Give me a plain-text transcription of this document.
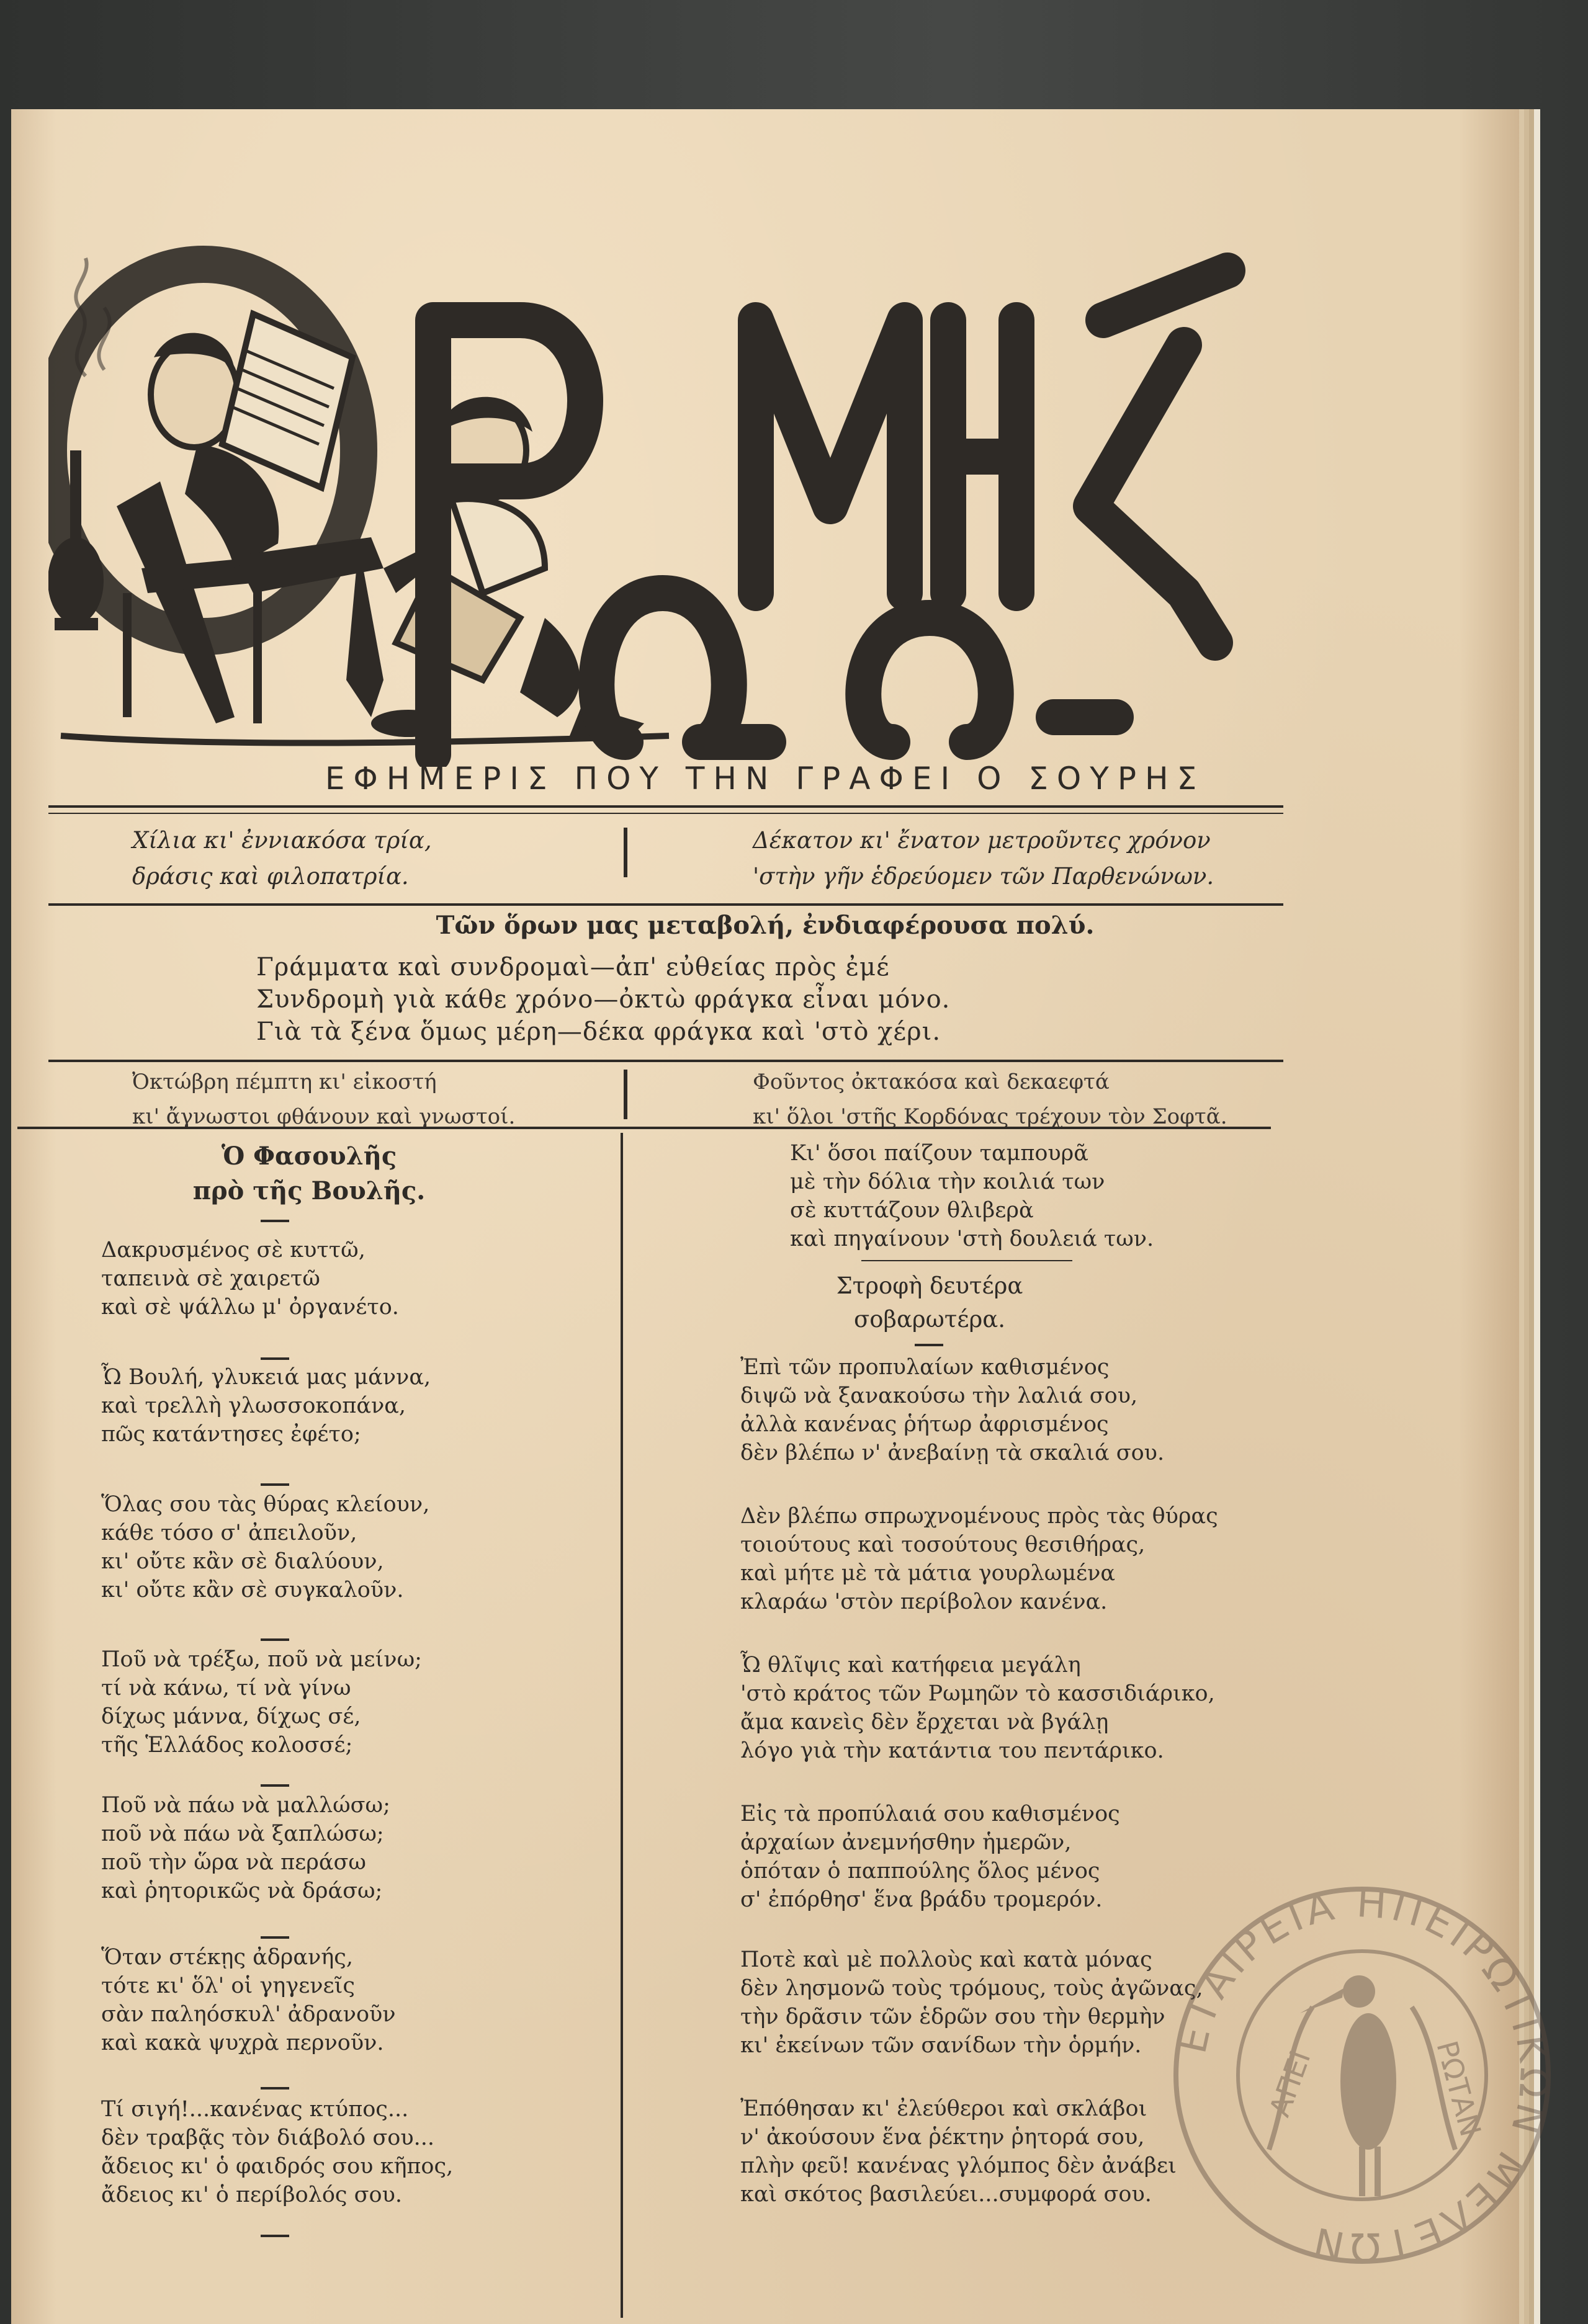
ΕΦΗΜΕΡΙΣ ΠΟΥ ΤΗΝ ΓΡΑΦΕΙ Ο ΣΟΥΡΗΣ
Χίλια κι' ἐννιακόσα τρία,
δράσις καὶ φιλοπατρία.
Δέκατον κι' ἔνατον μετροῦντες χρόνον
'στὴν γῆν ἑδρεύομεν τῶν Παρθενώνων.
Τῶν ὅρων μας μεταβολή, ἐνδιαφέρουσα πολύ.
Γράμματα καὶ συνδρομαὶ—ἀπ' εὐθείας πρὸς ἐμέ
Συνδρομὴ γιὰ κάθε χρόνο—ὀκτὼ φράγκα εἶναι μόνο.
Γιὰ τὰ ξένα ὅμως μέρη—δέκα φράγκα καὶ 'στὸ χέρι.
Ὀκτώβρη πέμπτη κι' εἰκοστή
κι' ἄγνωστοι φθάνουν καὶ γνωστοί.
Φοῦντος ὀκτακόσα καὶ δεκαεφτά
κι' ὅλοι 'στῆς Κορδόνας τρέχουν τὸν Σοφτᾶ.
Ὁ Φασουλῆς
πρὸ τῆς Βουλῆς.
Δακρυσμένος σὲ κυττῶ,
ταπεινὰ σὲ χαιρετῶ
καὶ σὲ ψάλλω μ' ὀργανέτο.
Ὦ Βουλή, γλυκειά μας μάννα,
καὶ τρελλὴ γλωσσοκοπάνα,
πῶς κατάντησες ἐφέτο;
Ὅλας σου τὰς θύρας κλείουν,
κάθε τόσο σ' ἀπειλοῦν,
κι' οὔτε κἂν σὲ διαλύουν,
κι' οὔτε κἂν σὲ συγκαλοῦν.
Ποῦ νὰ τρέξω, ποῦ νὰ μείνω;
τί νὰ κάνω, τί νὰ γίνω
δίχως μάννα, δίχως σέ,
τῆς Ἑλλάδος κολοσσέ;
Ποῦ νὰ πάω νὰ μαλλώσω;
ποῦ νὰ πάω νὰ ξαπλώσω;
ποῦ τὴν ὥρα νὰ περάσω
καὶ ῥητορικῶς νὰ δράσω;
Ὅταν στέκῃς ἀδρανής,
τότε κι' ὅλ' οἱ γηγενεῖς
σὰν παληόσκυλ' ἀδρανοῦν
καὶ κακὰ ψυχρὰ περνοῦν.
Τί σιγή!...κανένας κτύπος...
δὲν τραβᾷς τὸν διάβολό σου...
ἄδειος κι' ὁ φαιδρός σου κῆπος,
ἄδειος κι' ὁ περίβολός σου.
Κι' ὅσοι παίζουν ταμπουρᾶ
μὲ τὴν δόλια τὴν κοιλιά των
σὲ κυττάζουν θλιβερὰ
καὶ πηγαίνουν 'στὴ δουλειά των.
Στροφὴ δευτέρα
σοβαρωτέρα.
Ἐπὶ τῶν προπυλαίων καθισμένος
διψῶ νὰ ξανακούσω τὴν λαλιά σου,
ἀλλὰ κανένας ῥήτωρ ἀφρισμένος
δὲν βλέπω ν' ἀνεβαίνῃ τὰ σκαλιά σου.
Δὲν βλέπω σπρωχνομένους πρὸς τὰς θύρας
τοιούτους καὶ τοσούτους θεσιθήρας,
καὶ μήτε μὲ τὰ μάτια γουρλωμένα
κλαράω 'στὸν περίβολον κανένα.
Ὦ θλῖψις καὶ κατήφεια μεγάλη
'στὸ κράτος τῶν Ρωμηῶν τὸ κασσιδιάρικο,
ἄμα κανεὶς δὲν ἔρχεται νὰ βγάλῃ
λόγο γιὰ τὴν κατάντια του πεντάρικο.
Εἰς τὰ προπύλαιά σου καθισμένος
ἀρχαίων ἀνεμνήσθην ἡμερῶν,
ὁπόταν ὁ παππούλης ὅλος μένος
σ' ἐπόρθησ' ἕνα βράδυ τρομερόν.
Ποτὲ καὶ μὲ πολλοὺς καὶ κατὰ μόνας
δὲν λησμονῶ τοὺς τρόμους, τοὺς ἀγῶνας,
τὴν δρᾶσιν τῶν ἑδρῶν σου τὴν θερμὴν
κι' ἐκείνων τῶν σανίδων τὴν ὁρμήν.
Ἐπόθησαν κι' ἐλεύθεροι καὶ σκλάβοι
ν' ἀκούσουν ἕνα ῥέκτην ῥητορά σου,
πλὴν φεῦ! κανένας γλόμπος δὲν ἀνάβει
καὶ σκότος βασιλεύει...συμφορά σου.
ΕΤΑΙΡΕΙΑ ΗΠΕΙΡΩΤΙΚΩΝ ΜΕΛΕΤΩΝ
ΑΠΕΙ	ΡΩΤΑΝ
